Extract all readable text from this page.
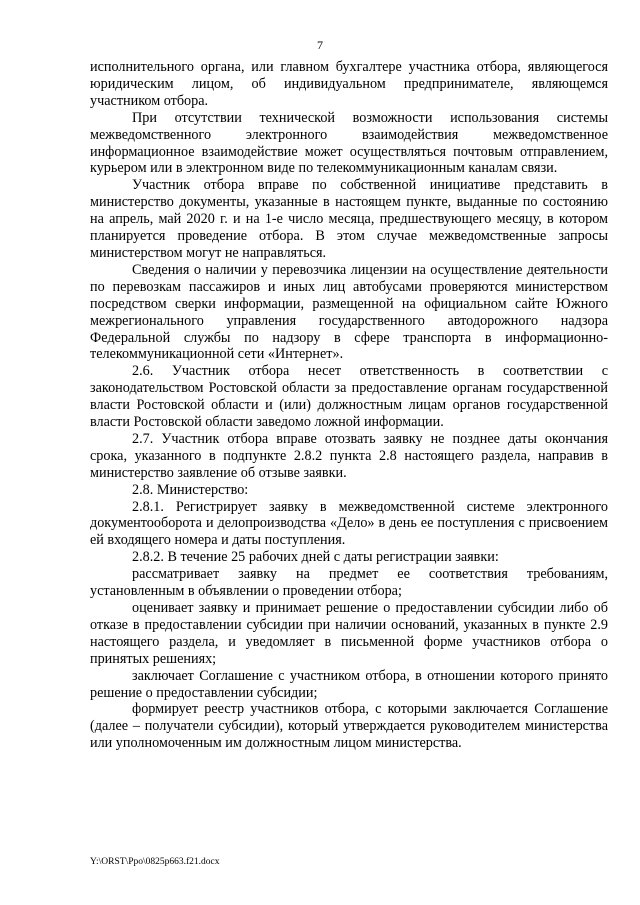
7

исполнительного органа, или главном бухгалтере участника отбора, являющегося юридическим лицом, об индивидуальном предпринимателе, являющемся участником отбора.

При отсутствии технической возможности использования системы межведомственного электронного взаимодействия межведомственное информационное взаимодействие может осуществляться почтовым отправлением, курьером или в электронном виде по телекоммуникационным каналам связи.

Участник отбора вправе по собственной инициативе представить в министерство документы, указанные в настоящем пункте, выданные по состоянию на апрель, май 2020 г. и на 1-е число месяца, предшествующего месяцу, в котором планируется проведение отбора. В этом случае межведомственные запросы министерством могут не направляться.

Сведения о наличии у перевозчика лицензии на осуществление деятельности по перевозкам пассажиров и иных лиц автобусами проверяются министерством посредством сверки информации, размещенной на официальном сайте Южного межрегионального управления государственного автодорожного надзора Федеральной службы по надзору в сфере транспорта в информационно-телекоммуникационной сети «Интернет».

2.6. Участник отбора несет ответственность в соответствии с законодательством Ростовской области за предоставление органам государственной власти Ростовской области и (или) должностным лицам органов государственной власти Ростовской области заведомо ложной информации.

2.7. Участник отбора вправе отозвать заявку не позднее даты окончания срока, указанного в подпункте 2.8.2 пункта 2.8 настоящего раздела, направив в министерство заявление об отзыве заявки.

2.8. Министерство:

2.8.1. Регистрирует заявку в межведомственной системе электронного документооборота и делопроизводства «Дело» в день ее поступления с присвоением ей входящего номера и даты поступления.

2.8.2. В течение 25 рабочих дней с даты регистрации заявки:

рассматривает заявку на предмет ее соответствия требованиям, установленным в объявлении о проведении отбора;

оценивает заявку и принимает решение о предоставлении субсидии либо об отказе в предоставлении субсидии при наличии оснований, указанных в пункте 2.9 настоящего раздела, и уведомляет в письменной форме участников отбора о принятых решениях;

заключает Соглашение с участником отбора, в отношении которого принято решение о предоставлении субсидии;

формирует реестр участников отбора, с которыми заключается Соглашение (далее – получатели субсидии), который утверждается руководителем министерства или уполномоченным им должностным лицом министерства.

Y:\ORST\Ppo\0825p663.f21.docx
